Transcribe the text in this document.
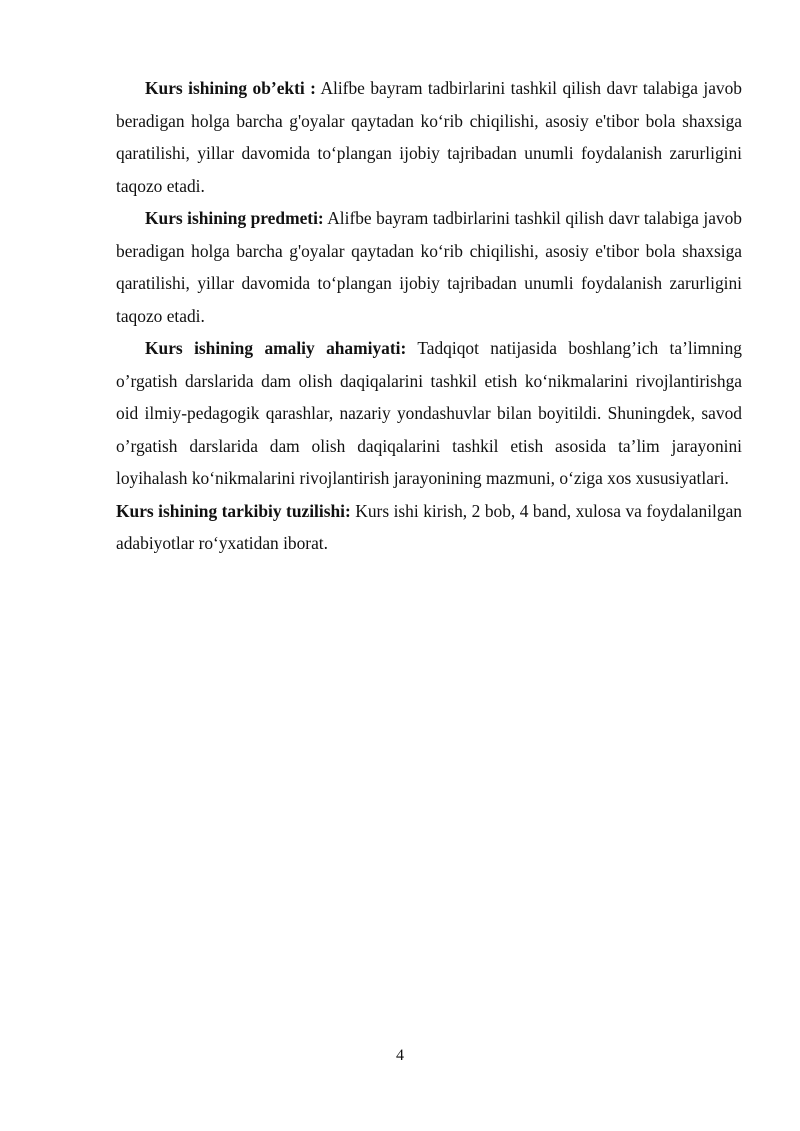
Kurs ishining ob’ekti : Alifbe bayram tadbirlarini tashkil qilish davr talabiga javob beradigan holga barcha g'oyalar qaytadan ko‘rib chiqilishi, asosiy e'tibor bola shaxsiga qaratilishi, yillar davomida to‘plangan ijobiy tajribadan unumli foydalanish zarurligini taqozo etadi.

Kurs ishining predmeti: Alifbe bayram tadbirlarini tashkil qilish davr talabiga javob beradigan holga barcha g'oyalar qaytadan ko‘rib chiqilishi, asosiy e'tibor bola shaxsiga qaratilishi, yillar davomida to‘plangan ijobiy tajribadan unumli foydalanish zarurligini taqozo etadi.

Kurs ishining amaliy ahamiyati: Tadqiqot natijasida boshlang’ich ta’limning o’rgatish darslarida dam olish daqiqalarini tashkil etish ko‘nikmalarini rivojlantirishga oid ilmiy-pedagogik qarashlar, nazariy yondashuvlar bilan boyitildi. Shuningdek, savod o’rgatish darslarida dam olish daqiqalarini tashkil etish asosida ta’lim jarayonini loyihalash ko‘nikmalarini rivojlantirish jarayonining mazmuni, o‘ziga xos xususiyatlari.

Kurs ishining tarkibiy tuzilishi: Kurs ishi kirish, 2 bob, 4 band, xulosa va foydalanilgan adabiyotlar ro‘yxatidan iborat.

4
